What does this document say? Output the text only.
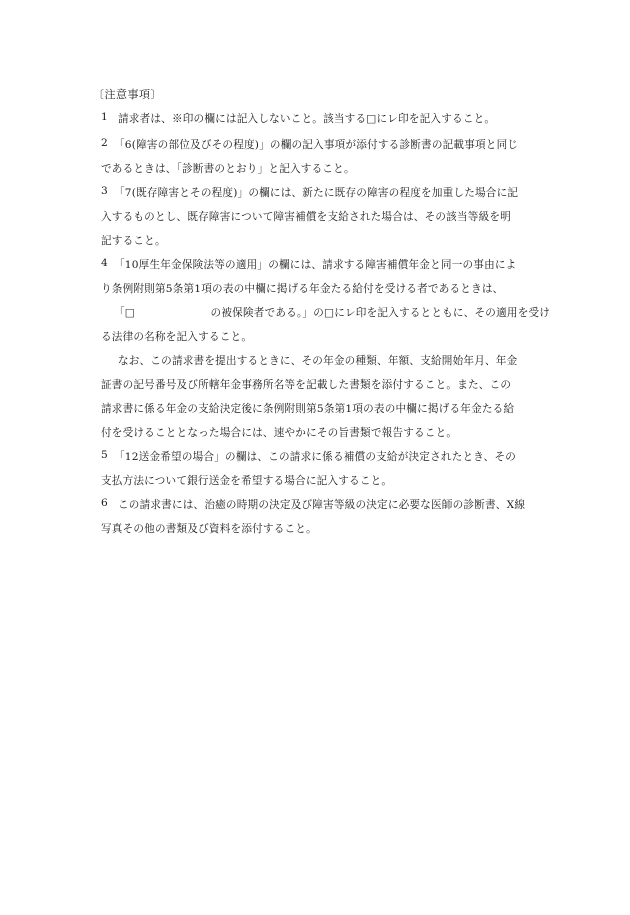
〔注意事項〕
1 請求者は、※印の欄には記入しないこと。該当する□にレ印を記入すること。
2 「6(障害の部位及びその程度)」の欄の記入事項が添付する診断書の記載事項と同じ
であるときは、「診断書のとおり」と記入すること。
3 「7(既存障害とその程度)」の欄には、新たに既存の障害の程度を加重した場合に記
入するものとし、既存障害について障害補償を支給された場合は、その該当等級を明
記すること。
4 「10厚生年金保険法等の適用」の欄には、請求する障害補償年金と同一の事由によ
り条例附則第5条第1項の表の中欄に掲げる年金たる給付を受ける者であるときは、
「□　　　　　　　の被保険者である。」の□にレ印を記入するとともに、その適用を受け
る法律の名称を記入すること。
なお、この請求書を提出するときに、その年金の種類、年額、支給開始年月、年金
証書の記号番号及び所轄年金事務所名等を記載した書類を添付すること。また、この
請求書に係る年金の支給決定後に条例附則第5条第1項の表の中欄に掲げる年金たる給
付を受けることとなった場合には、速やかにその旨書類で報告すること。
5 「12送金希望の場合」の欄は、この請求に係る補償の支給が決定されたとき、その
支払方法について銀行送金を希望する場合に記入すること。
6 この請求書には、治癒の時期の決定及び障害等級の決定に必要な医師の診断書、X線
写真その他の書類及び資料を添付すること。
